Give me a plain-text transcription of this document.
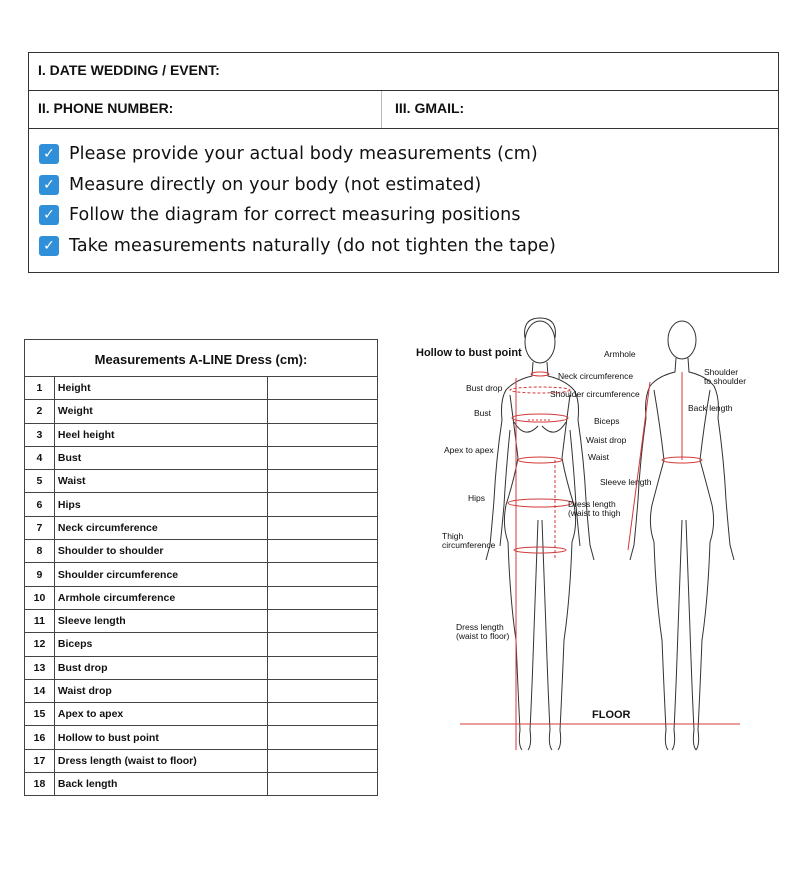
I. DATE WEDDING / EVENT:
II. PHONE NUMBER:	III. GMAIL:
✓ Please provide your actual body measurements (cm)
✓ Measure directly on your body (not estimated)
✓ Follow the diagram for correct measuring positions
✓ Take measurements naturally (do not tighten the tape)
Measurements A-LINE Dress (cm):		
1	Height	
2	Weight	
3	Heel height	
4	Bust	
5	Waist	
6	Hips	
7	Neck circumference	
8	Shoulder to shoulder	
9	Shoulder circumference	
10	Armhole circumference	
11	Sleeve length	
12	Biceps	
13	Bust drop	
14	Waist drop	
15	Apex to apex	
16	Hollow to bust point	
17	Dress length (waist to floor)	
18	Back length	
Hollow to bust point	Armhole
Shoulder
to shoulder
Bust drop
Neck circumference
Shoulder circumference
Back length
Bust
Biceps
Waist drop
Apex to apex
Waist
Sleeve length
Hips
Dress length
(waist to thigh
Thigh
circumference
Dress length
(waist to floor)
FLOOR
